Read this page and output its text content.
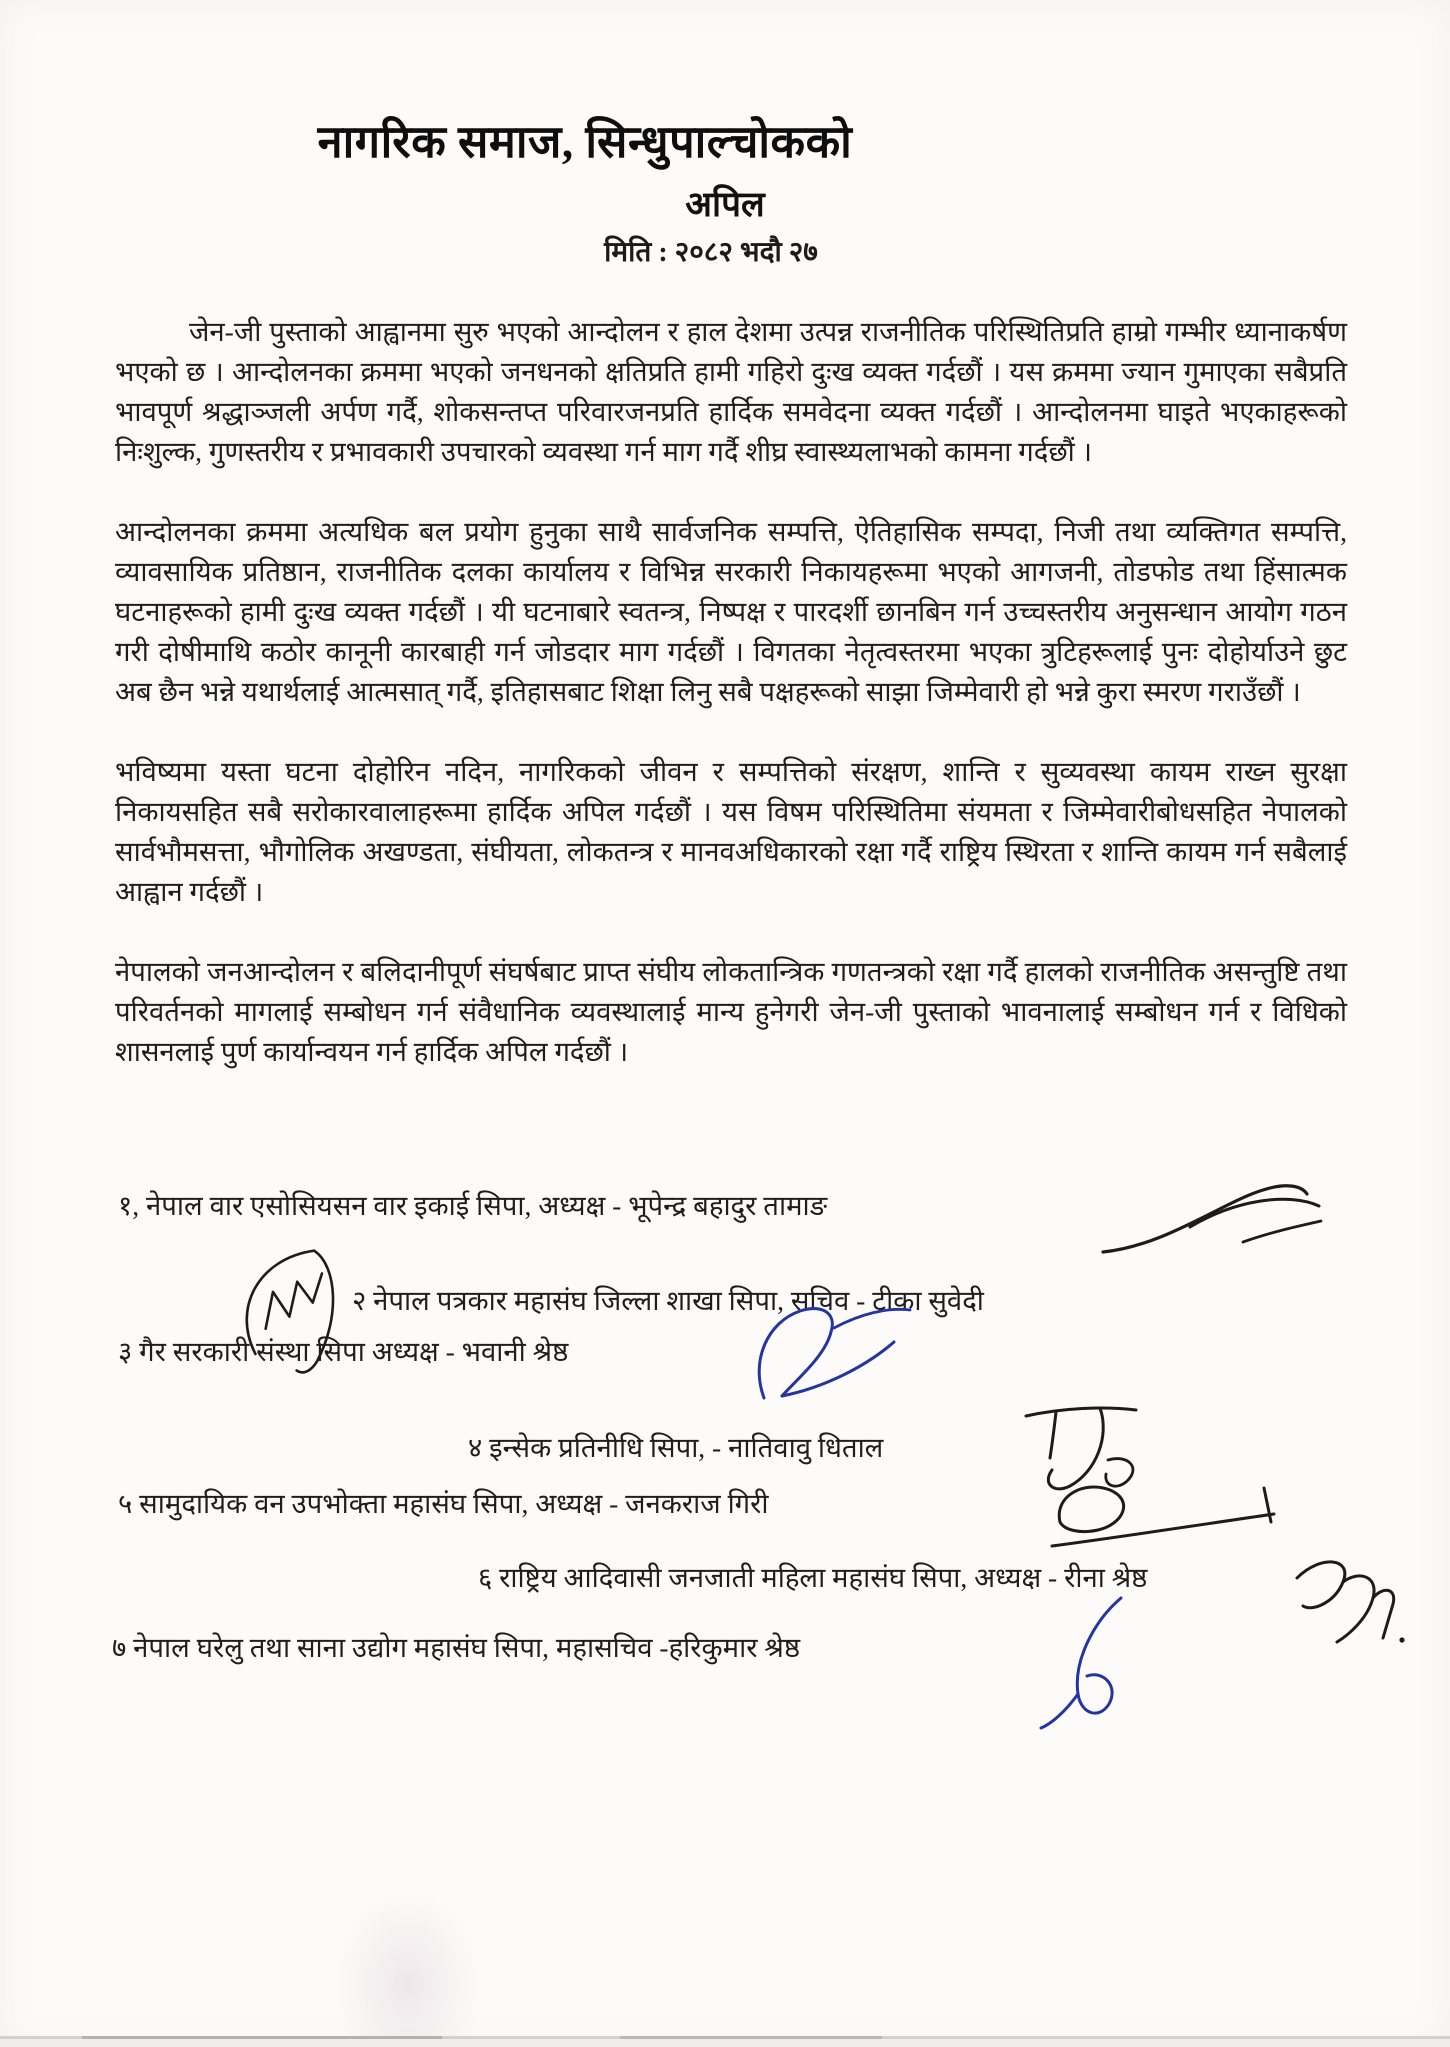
नागरिक समाज, सिन्धुपाल्चोकको
अपिल
मिति : २०८२ भदौ २७

जेन-जी पुस्ताको आह्वानमा सुरु भएको आन्दोलन र हाल देशमा उत्पन्न राजनीतिक परिस्थितिप्रति हाम्रो गम्भीर ध्यानाकर्षण भएको छ । आन्दोलनका क्रममा भएको जनधनको क्षतिप्रति हामी गहिरो दुःख व्यक्त गर्दछौं । यस क्रममा ज्यान गुमाएका सबैप्रति भावपूर्ण श्रद्धाञ्जली अर्पण गर्दै, शोकसन्तप्त परिवारजनप्रति हार्दिक समवेदना व्यक्त गर्दछौं । आन्दोलनमा घाइते भएकाहरूको निःशुल्क, गुणस्तरीय र प्रभावकारी उपचारको व्यवस्था गर्न माग गर्दै शीघ्र स्वास्थ्यलाभको कामना गर्दछौं ।

आन्दोलनका क्रममा अत्यधिक बल प्रयोग हुनुका साथै सार्वजनिक सम्पत्ति, ऐतिहासिक सम्पदा, निजी तथा व्यक्तिगत सम्पत्ति, व्यावसायिक प्रतिष्ठान, राजनीतिक दलका कार्यालय र विभिन्न सरकारी निकायहरूमा भएको आगजनी, तोडफोड तथा हिंसात्मक घटनाहरूको हामी दुःख व्यक्त गर्दछौं । यी घटनाबारे स्वतन्त्र, निष्पक्ष र पारदर्शी छानबिन गर्न उच्चस्तरीय अनुसन्धान आयोग गठन गरी दोषीमाथि कठोर कानूनी कारबाही गर्न जोडदार माग गर्दछौं । विगतका नेतृत्वस्तरमा भएका त्रुटिहरूलाई पुनः दोहोर्याउने छुट अब छैन भन्ने यथार्थलाई आत्मसात् गर्दै, इतिहासबाट शिक्षा लिनु सबै पक्षहरूको साझा जिम्मेवारी हो भन्ने कुरा स्मरण गराउँछौं ।

भविष्यमा यस्ता घटना दोहोरिन नदिन, नागरिकको जीवन र सम्पत्तिको संरक्षण, शान्ति र सुव्यवस्था कायम राख्न सुरक्षा निकायसहित सबै सरोकारवालाहरूमा हार्दिक अपिल गर्दछौं । यस विषम परिस्थितिमा संयमता र जिम्मेवारीबोधसहित नेपालको सार्वभौमसत्ता, भौगोलिक अखण्डता, संघीयता, लोकतन्त्र र मानवअधिकारको रक्षा गर्दै राष्ट्रिय स्थिरता र शान्ति कायम गर्न सबैलाई आह्वान गर्दछौं ।

नेपालको जनआन्दोलन र बलिदानीपूर्ण संघर्षबाट प्राप्त संघीय लोकतान्त्रिक गणतन्त्रको रक्षा गर्दै हालको राजनीतिक असन्तुष्टि तथा परिवर्तनको मागलाई सम्बोधन गर्न संवैधानिक व्यवस्थालाई मान्य हुनेगरी जेन-जी पुस्ताको भावनालाई सम्बोधन गर्न र विधिको शासनलाई पुर्ण कार्यान्वयन गर्न हार्दिक अपिल गर्दछौं ।

१, नेपाल वार एसोसियसन वार इकाई सिपा, अध्यक्ष - भूपेन्द्र बहादुर तामाङ
२ नेपाल पत्रकार महासंघ जिल्ला शाखा सिपा, सचिव - टीका सुवेदी
३ गैर सरकारी संस्था सिपा अध्यक्ष - भवानी श्रेष्ठ
४ इन्सेक प्रतिनीधि सिपा, - नातिवावु धिताल
५ सामुदायिक वन उपभोक्ता महासंघ सिपा, अध्यक्ष - जनकराज गिरी
६ राष्ट्रिय आदिवासी जनजाती महिला महासंघ सिपा, अध्यक्ष - रीना श्रेष्ठ
७ नेपाल घरेलु तथा साना उद्योग महासंघ सिपा, महासचिव -हरिकुमार श्रेष्ठ
